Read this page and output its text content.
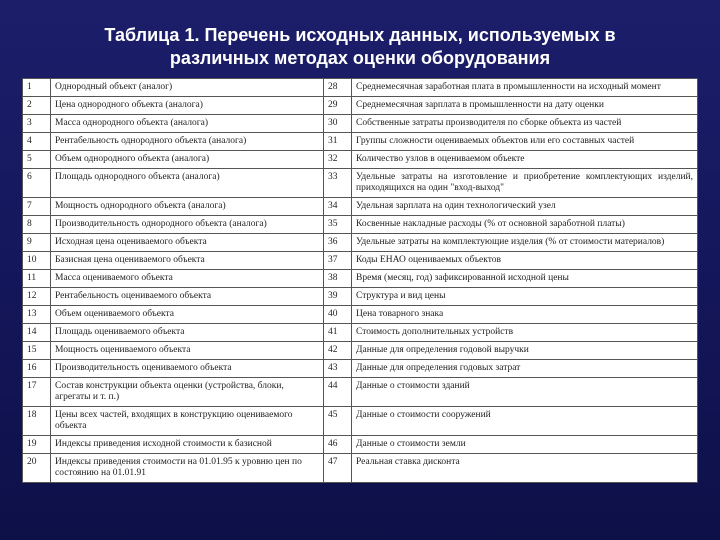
Таблица 1. Перечень исходных данных, используемых в
различных методах оценки оборудования
1	Однородный объект (аналог)	28	Среднемесячная заработная плата в промышленности на исходный момент
2	Цена однородного объекта (аналога)	29	Среднемесячная зарплата в промышленности на дату оценки
3	Масса однородного объекта (аналога)	30	Собственные затраты производителя по сборке объекта из частей
4	Рентабельность однородного объекта (аналога)	31	Группы сложности оцениваемых объектов или его составных частей
5	Объем однородного объекта (аналога)	32	Количество узлов в оцениваемом объекте
6	Площадь однородного объекта (аналога)	33	Удельные затраты на изготовление и приобретение комплектующих изделий, приходящихся на один "вход-выход"
7	Мощность однородного объекта (аналога)	34	Удельная зарплата на один технологический узел
8	Производительность однородного объекта (аналога)	35	Косвенные накладные расходы (% от основной заработной платы)
9	Исходная цена оцениваемого объекта	36	Удельные затраты на комплектующие изделия (% от стоимости материалов)
10	Базисная цена оцениваемого объекта	37	Коды ЕНАО оцениваемых объектов
11	Масса оцениваемого объекта	38	Время (месяц, год) зафиксированной исходной цены
12	Рентабельность оцениваемого объекта	39	Структура и вид цены
13	Объем оцениваемого объекта	40	Цена товарного знака
14	Площадь оцениваемого объекта	41	Стоимость дополнительных устройств
15	Мощность оцениваемого объекта	42	Данные для определения годовой выручки
16	Производительность оцениваемого объекта	43	Данные для определения годовых затрат
17	Состав конструкции объекта оценки (устройства, блоки, агрегаты и т. п.)	44	Данные о стоимости зданий
18	Цены всех частей, входящих в конструкцию оцениваемого объекта	45	Данные о стоимости сооружений
19	Индексы приведения исходной стоимости к базисной	46	Данные о стоимости земли
20	Индексы приведения стоимости на 01.01.95 к уровню цен по состоянию на 01.01.91	47	Реальная ставка дисконта
